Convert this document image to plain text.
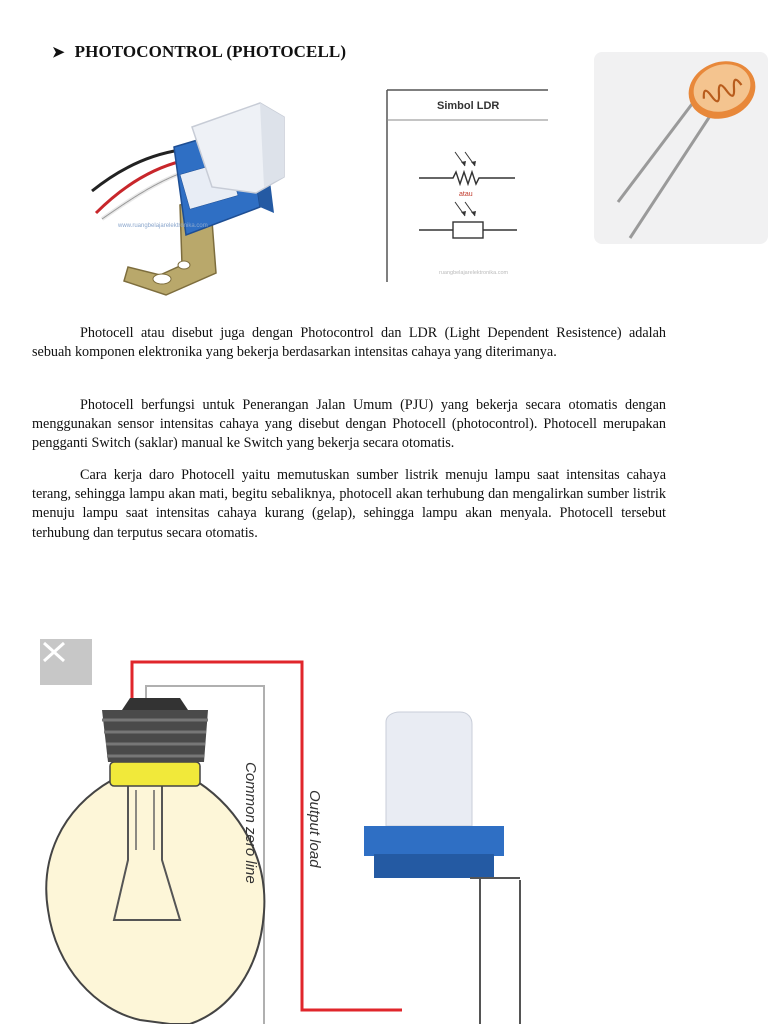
➤ PHOTOCONTROL (PHOTOCELL)
www.ruangbelajarelektronika.com
Simbol LDR
atau
ruangbelajarelektronika.com

Photocell atau disebut juga dengan Photocontrol dan LDR (Light Dependent Resistence) adalah sebuah komponen elektronika yang bekerja berdasarkan intensitas cahaya yang diterimanya.

Photocell berfungsi untuk Penerangan Jalan Umum (PJU) yang bekerja secara otomatis dengan menggunakan sensor intensitas cahaya yang disebut dengan Photocell (photocontrol). Photocell merupakan pengganti Switch (saklar) manual ke Switch yang bekerja secara otomatis.

Cara kerja daro Photocell yaitu memutuskan sumber listrik menuju lampu saat intensitas cahaya terang, sehingga lampu akan mati, begitu sebaliknya, photocell akan terhubung dan mengalirkan sumber listrik menuju lampu saat intensitas cahaya kurang (gelap), sehingga lampu akan menyala. Photocell tersebut terhubung dan terputus secara otomatis.

Common zero line	Output load
